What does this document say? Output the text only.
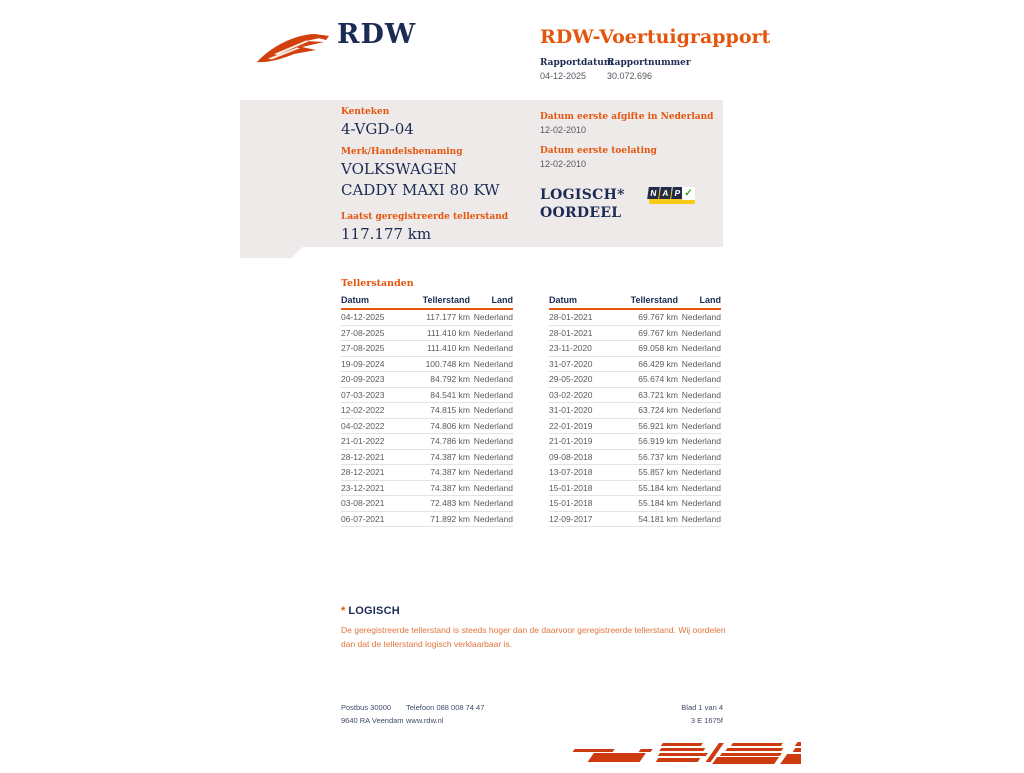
RDW	RDW-Voertuigrapport
Rapportdatum
04-12-2025
Rapportnummer
30.072.696
Kenteken
4-VGD-04
Merk/Handelsbenaming
VOLKSWAGEN
CADDY MAXI 80 KW
Laatst geregistreerde tellerstand
117.177 km
Datum eerste afgifte in Nederland
12-02-2010
Datum eerste toelating
12-02-2010
LOGISCH*
OORDEEL
N A P ✓
Tellerstanden
Datum	Tellerstand	Land
04-12-2025	117.177 km	Nederland
27-08-2025	111.410 km	Nederland
27-08-2025	111.410 km	Nederland
19-09-2024	100.748 km	Nederland
20-09-2023	84.792 km	Nederland
07-03-2023	84.541 km	Nederland
12-02-2022	74.815 km	Nederland
04-02-2022	74.806 km	Nederland
21-01-2022	74.786 km	Nederland
28-12-2021	74.387 km	Nederland
28-12-2021	74.387 km	Nederland
23-12-2021	74.387 km	Nederland
03-08-2021	72.483 km	Nederland
06-07-2021	71.892 km	Nederland
Datum	Tellerstand	Land
28-01-2021	69.767 km	Nederland
28-01-2021	69.767 km	Nederland
23-11-2020	69.058 km	Nederland
31-07-2020	66.429 km	Nederland
29-05-2020	65.674 km	Nederland
03-02-2020	63.721 km	Nederland
31-01-2020	63.724 km	Nederland
22-01-2019	56.921 km	Nederland
21-01-2019	56.919 km	Nederland
09-08-2018	56.737 km	Nederland
13-07-2018	55.857 km	Nederland
15-01-2018	55.184 km	Nederland
15-01-2018	55.184 km	Nederland
12-09-2017	54.181 km	Nederland
* LOGISCH
De geregistreerde tellerstand is steeds hoger dan de daarvoor geregistreerde tellerstand. Wij oordelen dan dat de tellerstand logisch verklaarbaar is.
Postbus 30000
9640 RA Veendam
Telefoon 088 008 74 47
www.rdw.nl
Blad 1 van 4
3 E 1675f
